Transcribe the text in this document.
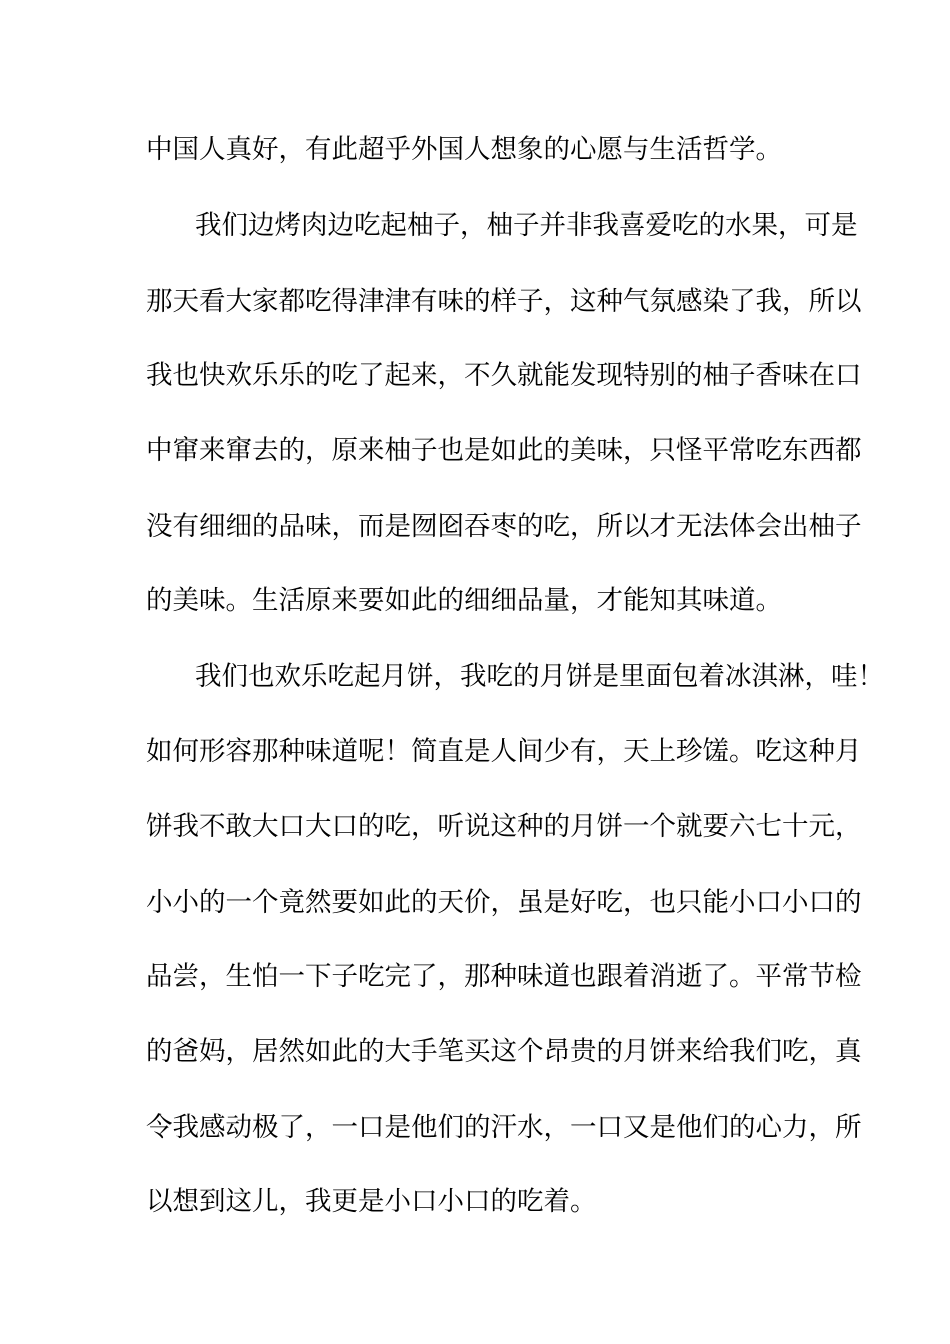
中国人真好，有此超乎外国人想象的心愿与生活哲学。
我们边烤肉边吃起柚子，柚子并非我喜爱吃的水果，可是
那天看大家都吃得津津有味的样子，这种气氛感染了我，所以
我也快欢乐乐的吃了起来，不久就能发现特别的柚子香味在口
中窜来窜去的，原来柚子也是如此的美味，只怪平常吃东西都
没有细细的品味，而是囫囵吞枣的吃，所以才无法体会出柚子
的美味。生活原来要如此的细细品量，才能知其味道。
我们也欢乐吃起月饼，我吃的月饼是里面包着冰淇淋，哇！
如何形容那种味道呢！简直是人间少有，天上珍馐。吃这种月
饼我不敢大口大口的吃，听说这种的月饼一个就要六七十元，
小小的一个竟然要如此的天价，虽是好吃，也只能小口小口的
品尝，生怕一下子吃完了，那种味道也跟着消逝了。平常节检
的爸妈，居然如此的大手笔买这个昂贵的月饼来给我们吃，真
令我感动极了，一口是他们的汗水，一口又是他们的心力，所
以想到这儿，我更是小口小口的吃着。
